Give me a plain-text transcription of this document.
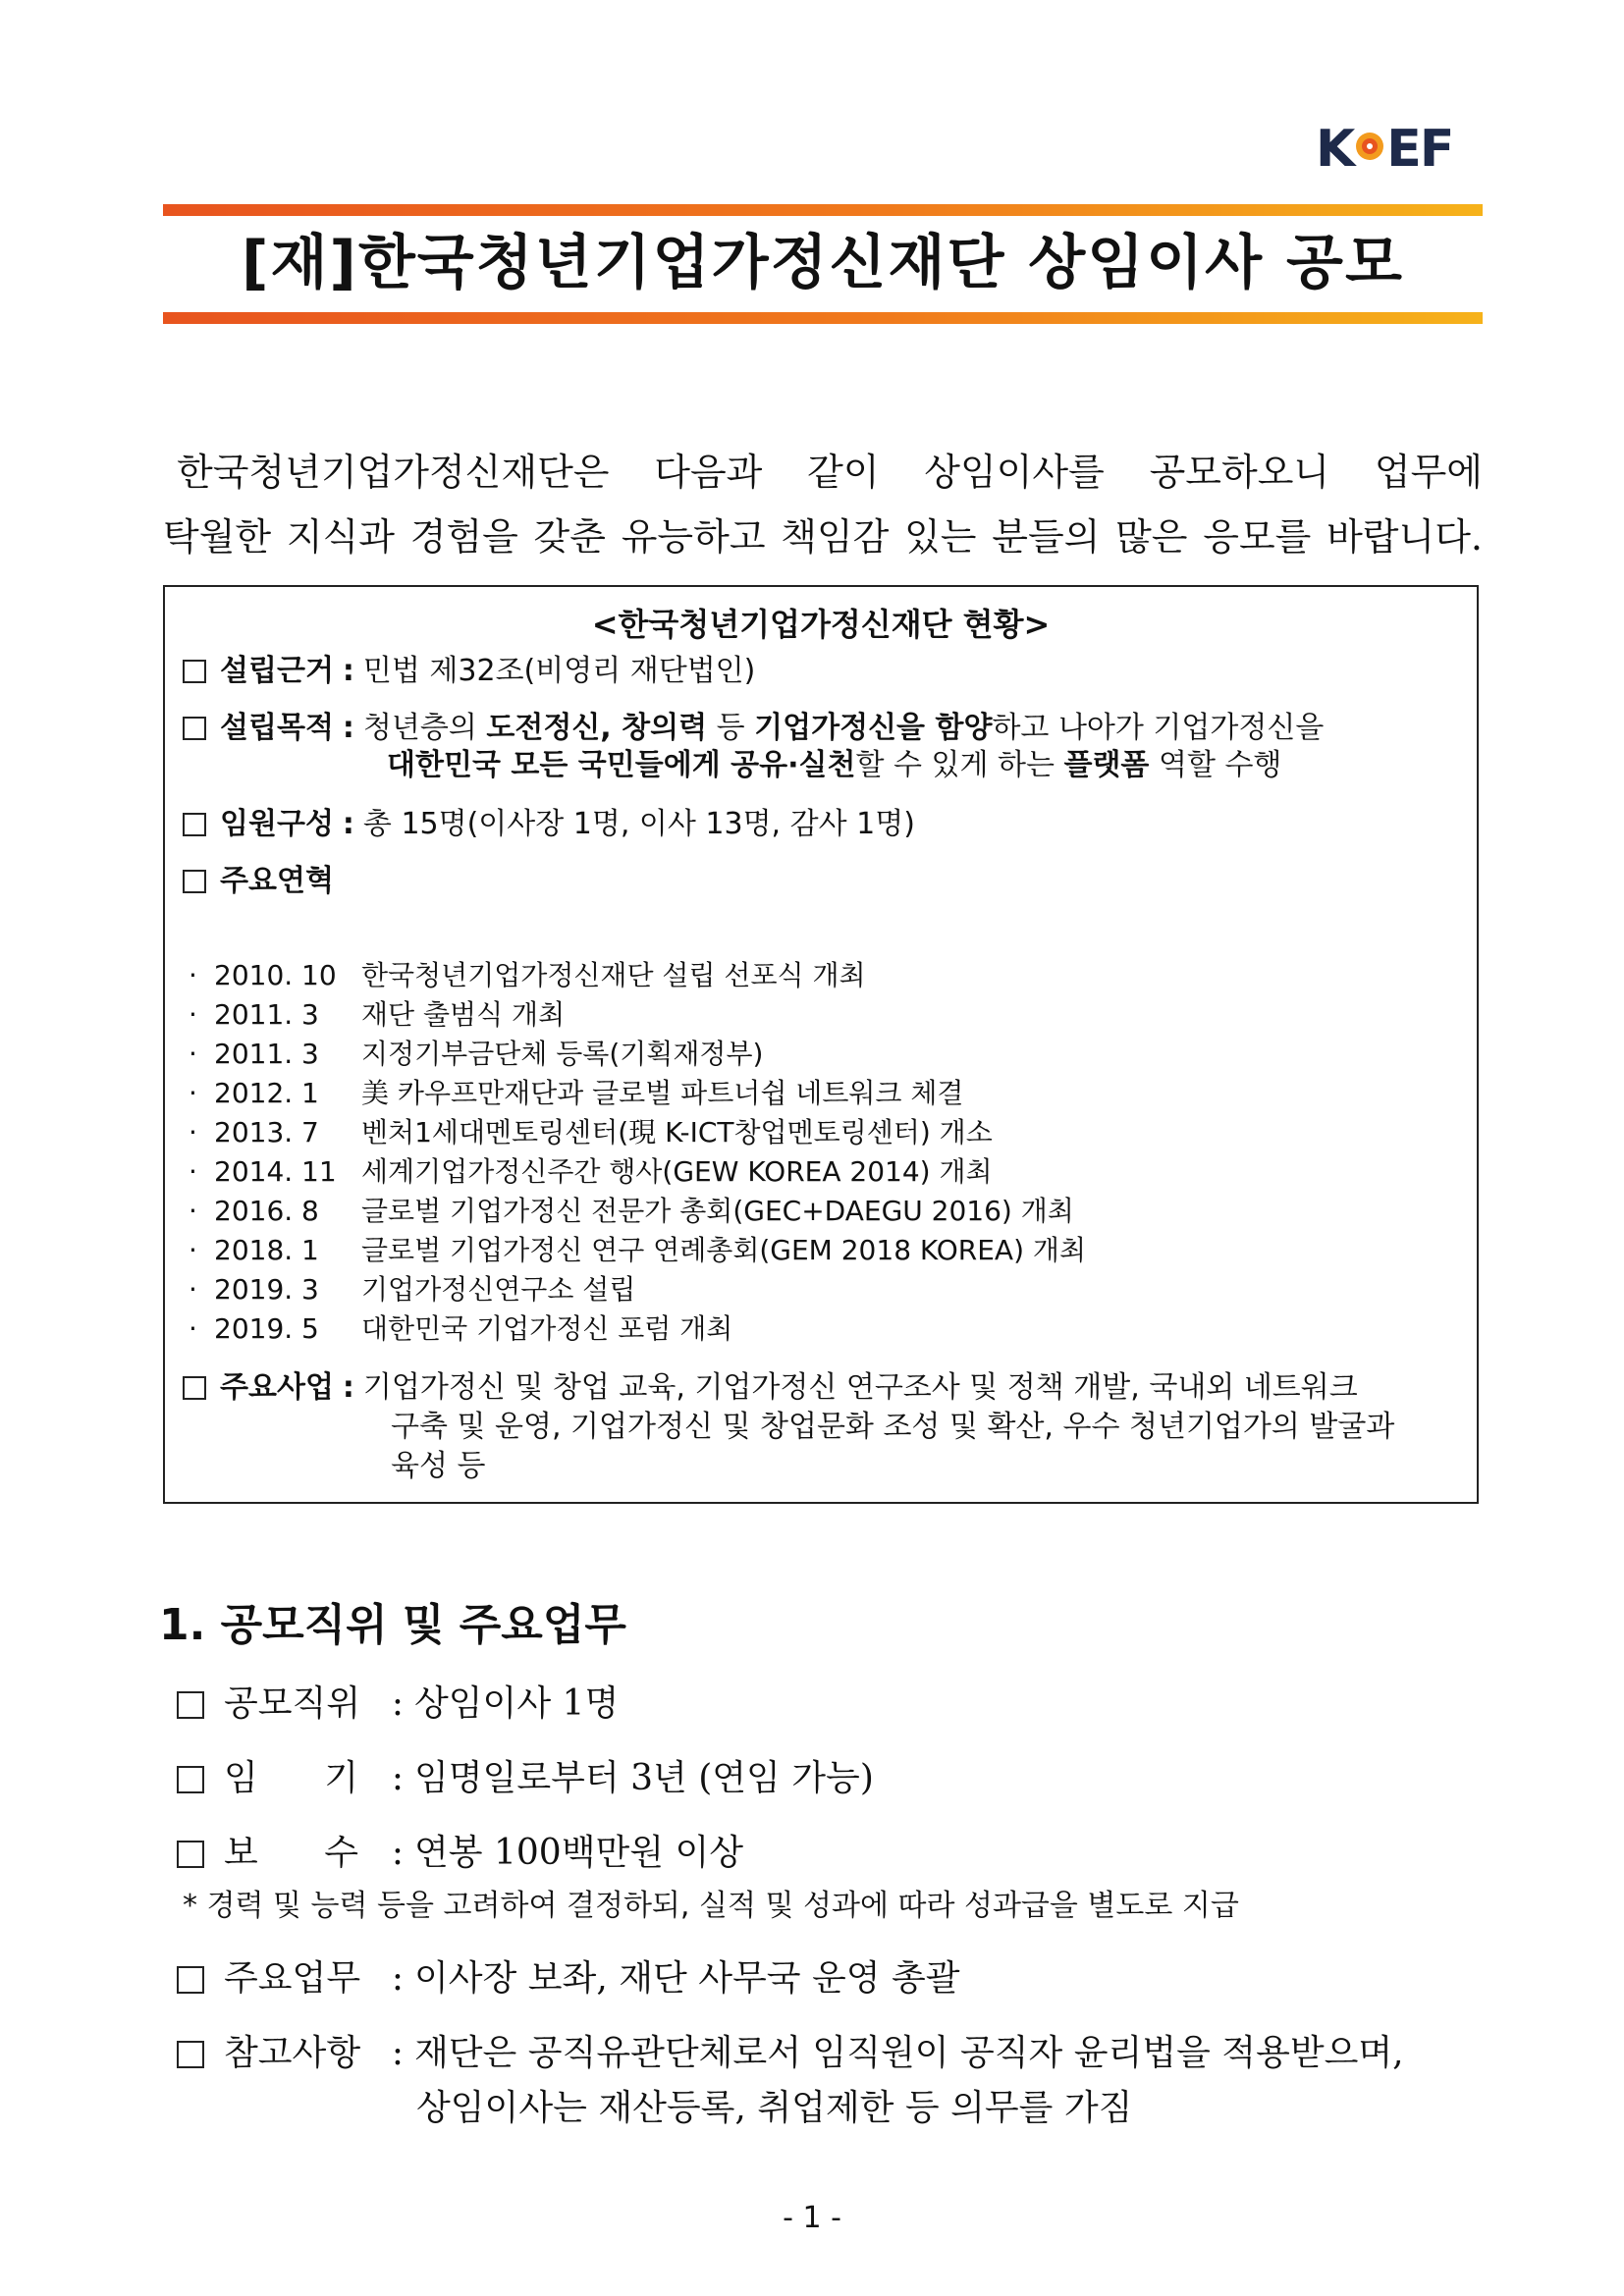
K EF
[재]한국청년기업가정신재단 상임이사 공모
한국청년기업가정신재단은 다음과 같이 상임이사를 공모하오니 업무에
탁월한 지식과 경험을 갖춘 유능하고 책임감 있는 분들의 많은 응모를 바랍니다.
<한국청년기업가정신재단 현황>
설립근거 : 민법 제32조(비영리 재단법인)
설립목적 : 청년층의 도전정신, 창의력 등 기업가정신을 함양하고 나아가 기업가정신을
대한민국 모든 국민들에게 공유·실천할 수 있게 하는 플랫폼 역할 수행
임원구성 : 총 15명(이사장 1명, 이사 13명, 감사 1명)
주요연혁
· 2010. 10 한국청년기업가정신재단 설립 선포식 개최
· 2011. 3 재단 출범식 개최
· 2011. 3 지정기부금단체 등록(기획재정부)
· 2012. 1 美 카우프만재단과 글로벌 파트너쉽 네트워크 체결
· 2013. 7 벤처1세대멘토링센터(現 K-ICT창업멘토링센터) 개소
· 2014. 11 세계기업가정신주간 행사(GEW KOREA 2014) 개최
· 2016. 8 글로벌 기업가정신 전문가 총회(GEC+DAEGU 2016) 개최
· 2018. 1 글로벌 기업가정신 연구 연례총회(GEM 2018 KOREA) 개최
· 2019. 3 기업가정신연구소 설립
· 2019. 5 대한민국 기업가정신 포럼 개최
주요사업 : 기업가정신 및 창업 교육, 기업가정신 연구조사 및 정책 개발, 국내외 네트워크
구축 및 운영, 기업가정신 및 창업문화 조성 및 확산, 우수 청년기업가의 발굴과
육성 등
1. 공모직위 및 주요업무
공모직위 : 상임이사 1명
임 기 : 임명일로부터 3년 (연임 가능)
보 수 : 연봉 100백만원 이상
* 경력 및 능력 등을 고려하여 결정하되, 실적 및 성과에 따라 성과급을 별도로 지급
주요업무 : 이사장 보좌, 재단 사무국 운영 총괄
참고사항 : 재단은 공직유관단체로서 임직원이 공직자 윤리법을 적용받으며,
상임이사는 재산등록, 취업제한 등 의무를 가짐
- 1 -
